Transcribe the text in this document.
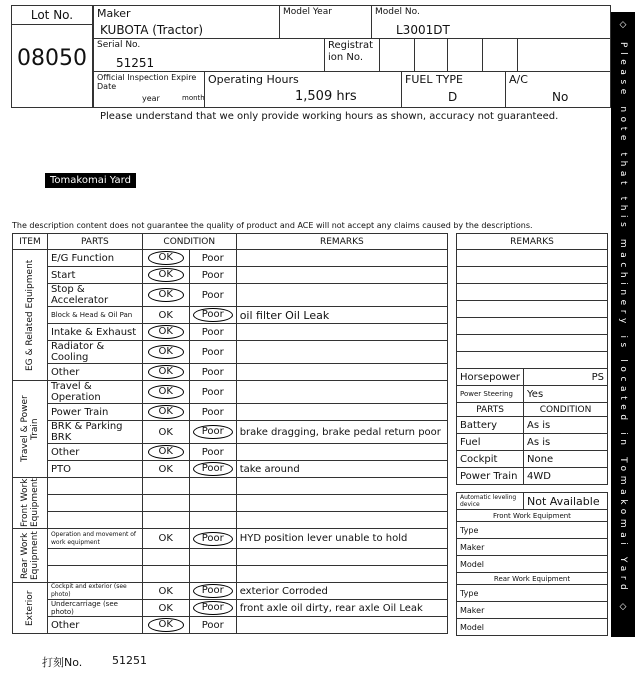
Lot No.
08050
Maker
KUBOTA (Tractor)
Model Year	Model No.
L3001DT
Serial No.
51251
Registrat ion No.
Official Inspection Expire Date
year	month
Operating Hours
1,509 hrs
FUEL TYPE
D
A/C
No
Please understand that we only provide working hours as shown, accuracy not guaranteed.
Tomakomai Yard
The description content does not guarantee the quality of product and ACE will not accept any claims caused by the descriptions.
ITEM	PARTS	CONDITION		REMARKS

EG & Related Equipment	E/G Function	OK	Poor	
	Start	OK	Poor	
	Stop & Accelerator	OK	Poor	
	Block & Head & Oil Pan	OK	Poor	oil filter Oil Leak
	Intake & Exhaust	OK	Poor	
	Radiator & Cooling	OK	Poor	
	Other	OK	Poor	

Travel & Power Train	Travel & Operation	OK	Poor	
	Power Train	OK	Poor	
	BRK & Parking BRK	OK	Poor	brake dragging, brake pedal return poor
	Other	OK	Poor	
	PTO	OK	Poor	take around

Front Work Equipment				

Rear Work Equipment	Operation and movement of work equipment	OK	Poor	HYD position lever unable to hold

Exterior	Cockpit and exterior (see photo)	OK	Poor	exterior Corroded
	Undercarriage (see photo)	OK	Poor	front axle oil dirty, rear axle Oil Leak
	Other	OK	Poor	
REMARKS	

Horsepower	PS
Power Steering	Yes
PARTS	CONDITION
Battery	As is
Fuel	As is
Cockpit	None
Power Train	4WD

Automatic leveling device	Not Available
Front Work Equipment	
Type	
Maker	
Model	
Rear Work Equipment	
Type	
Maker	
Model	
◇ Please note that this machinery is located in Tomakomai Yard ◇
打刻No.	51251
